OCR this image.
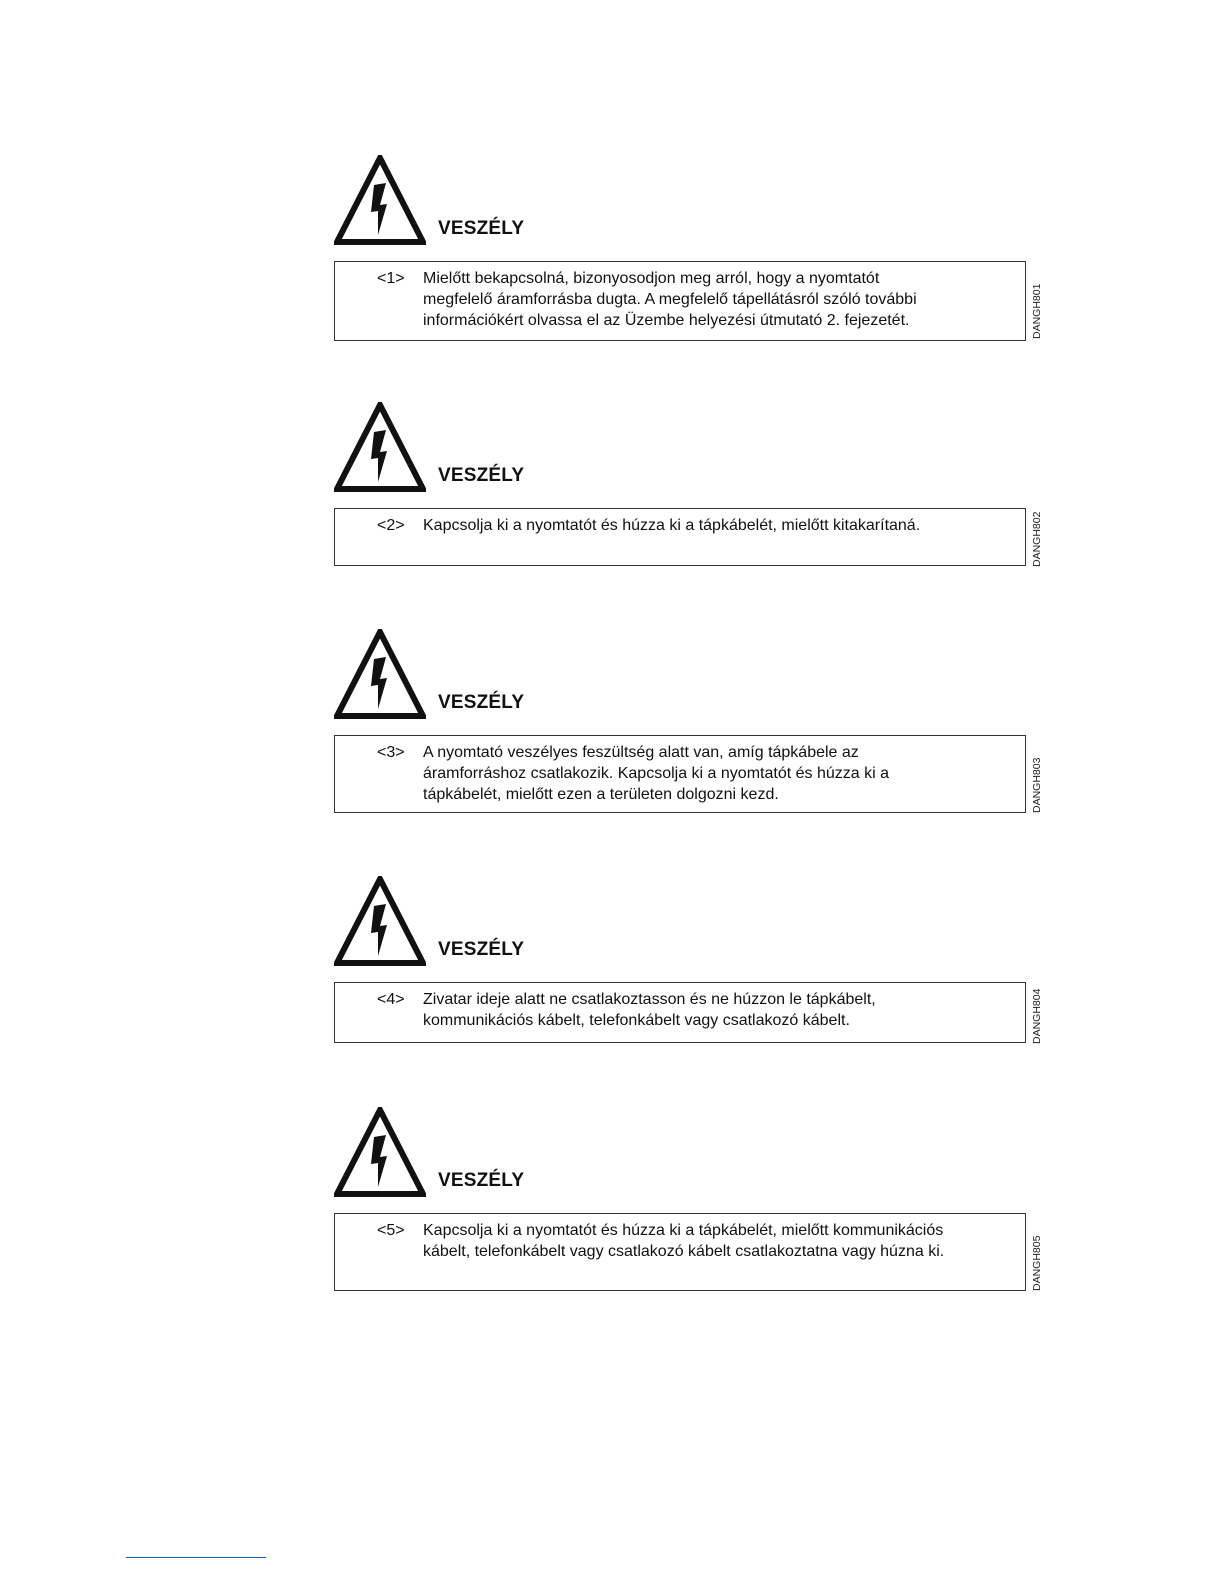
VESZÉLY
<1> Mielőtt bekapcsolná, bizonyosodjon meg arról, hogy a nyomtatót
megfelelő áramforrásba dugta. A megfelelő tápellátásról szóló további
információkért olvassa el az Üzembe helyezési útmutató 2. fejezetét.	DANGH801
VESZÉLY
<2> Kapcsolja ki a nyomtatót és húzza ki a tápkábelét, mielőtt kitakarítaná.	DANGH802
VESZÉLY
<3> A nyomtató veszélyes feszültség alatt van, amíg tápkábele az
áramforráshoz csatlakozik. Kapcsolja ki a nyomtatót és húzza ki a
tápkábelét, mielőtt ezen a területen dolgozni kezd.	DANGH803
VESZÉLY
<4> Zivatar ideje alatt ne csatlakoztasson és ne húzzon le tápkábelt,
kommunikációs kábelt, telefonkábelt vagy csatlakozó kábelt.	DANGH804
VESZÉLY
<5> Kapcsolja ki a nyomtatót és húzza ki a tápkábelét, mielőtt kommunikációs
kábelt, telefonkábelt vagy csatlakozó kábelt csatlakoztatna vagy húzna ki.	DANGH805
